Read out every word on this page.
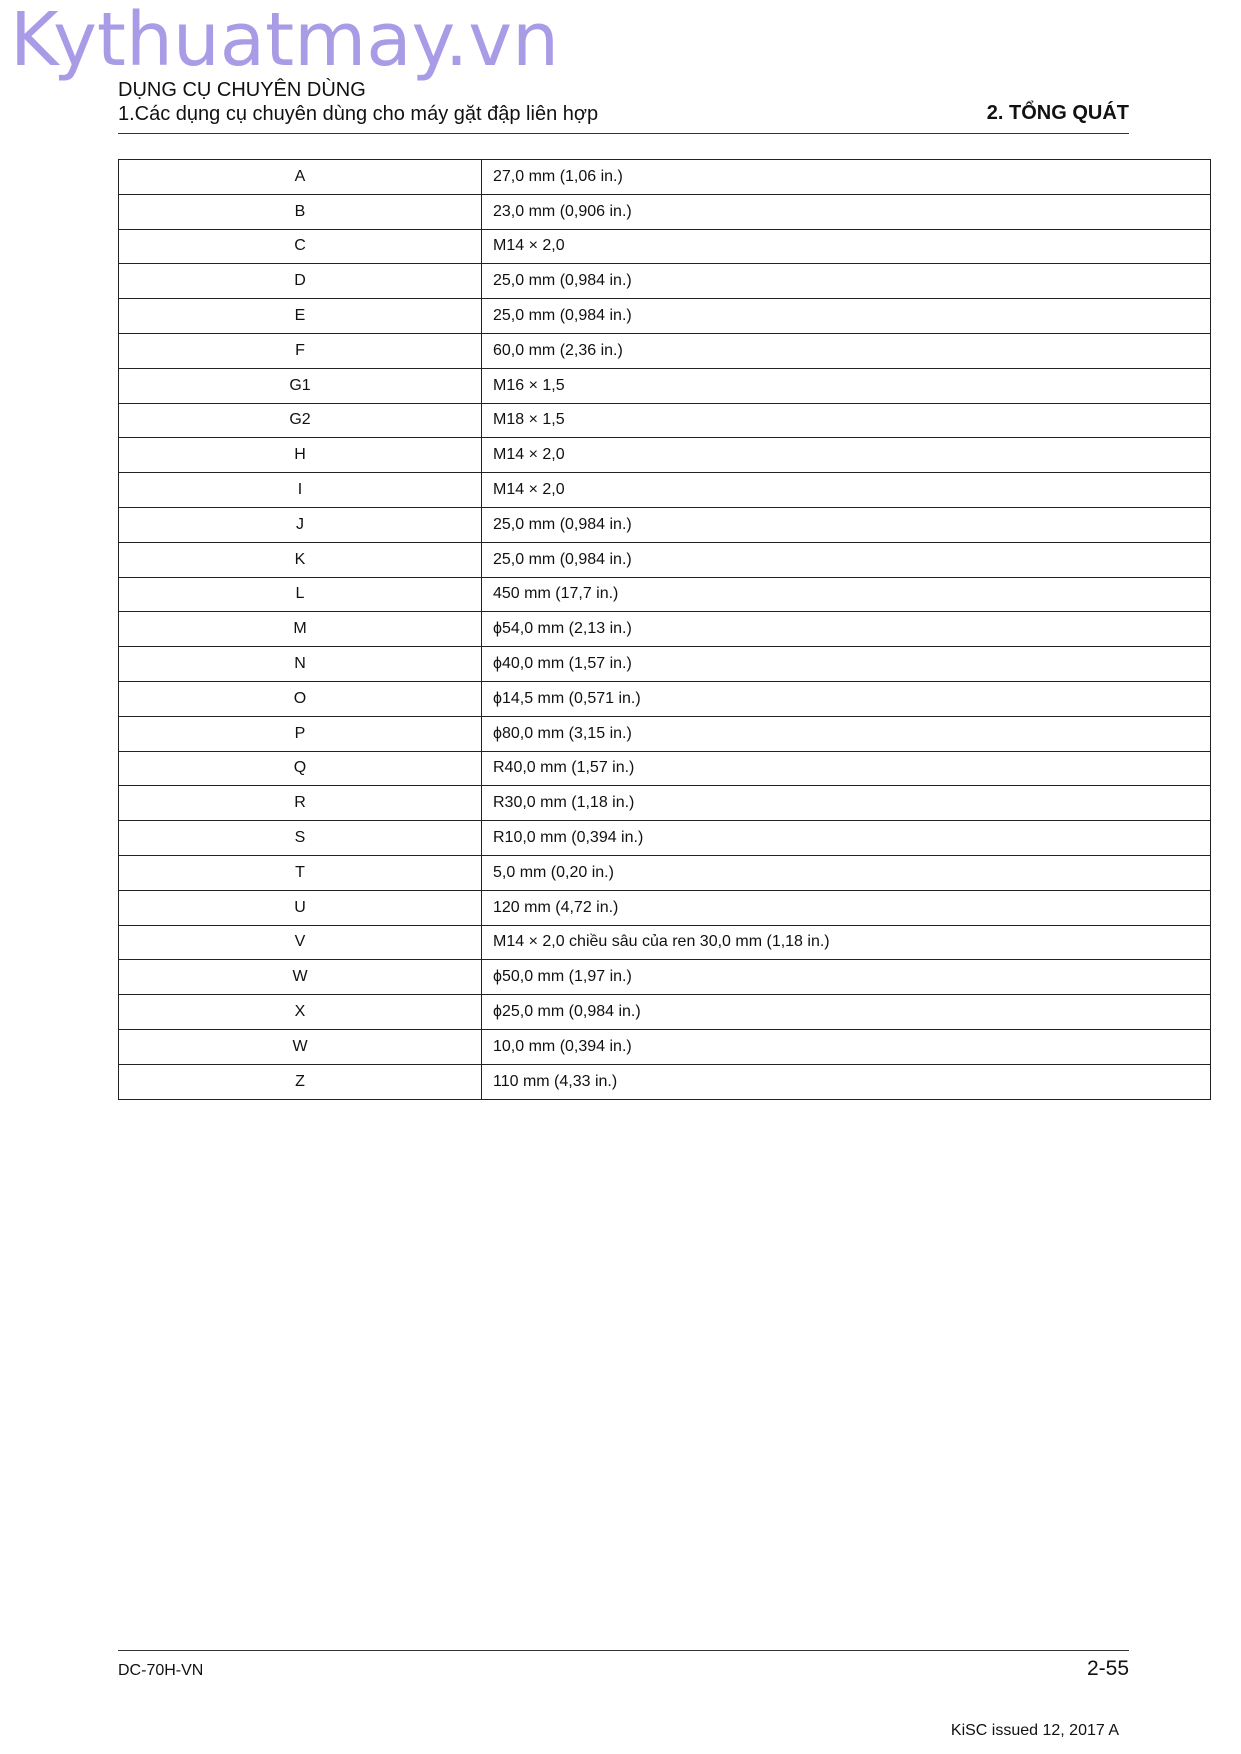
Kythuatmay.vn
DỤNG CỤ CHUYÊN DÙNG
1.Các dụng cụ chuyên dùng cho máy gặt đập liên hợp	2. TỔNG QUÁT
A	27,0 mm (1,06 in.)
B	23,0 mm (0,906 in.)
C	M14 × 2,0
D	25,0 mm (0,984 in.)
E	25,0 mm (0,984 in.)
F	60,0 mm (2,36 in.)
G1	M16 × 1,5
G2	M18 × 1,5
H	M14 × 2,0
I	M14 × 2,0
J	25,0 mm (0,984 in.)
K	25,0 mm (0,984 in.)
L	450 mm (17,7 in.)
M	ϕ54,0 mm (2,13 in.)
N	ϕ40,0 mm (1,57 in.)
O	ϕ14,5 mm (0,571 in.)
P	ϕ80,0 mm (3,15 in.)
Q	R40,0 mm (1,57 in.)
R	R30,0 mm (1,18 in.)
S	R10,0 mm (0,394 in.)
T	5,0 mm (0,20 in.)
U	120 mm (4,72 in.)
V	M14 × 2,0 chiều sâu của ren 30,0 mm (1,18 in.)
W	ϕ50,0 mm (1,97 in.)
X	ϕ25,0 mm (0,984 in.)
W	10,0 mm (0,394 in.)
Z	110 mm (4,33 in.)
DC-70H-VN	2-55
KiSC issued 12, 2017 A
